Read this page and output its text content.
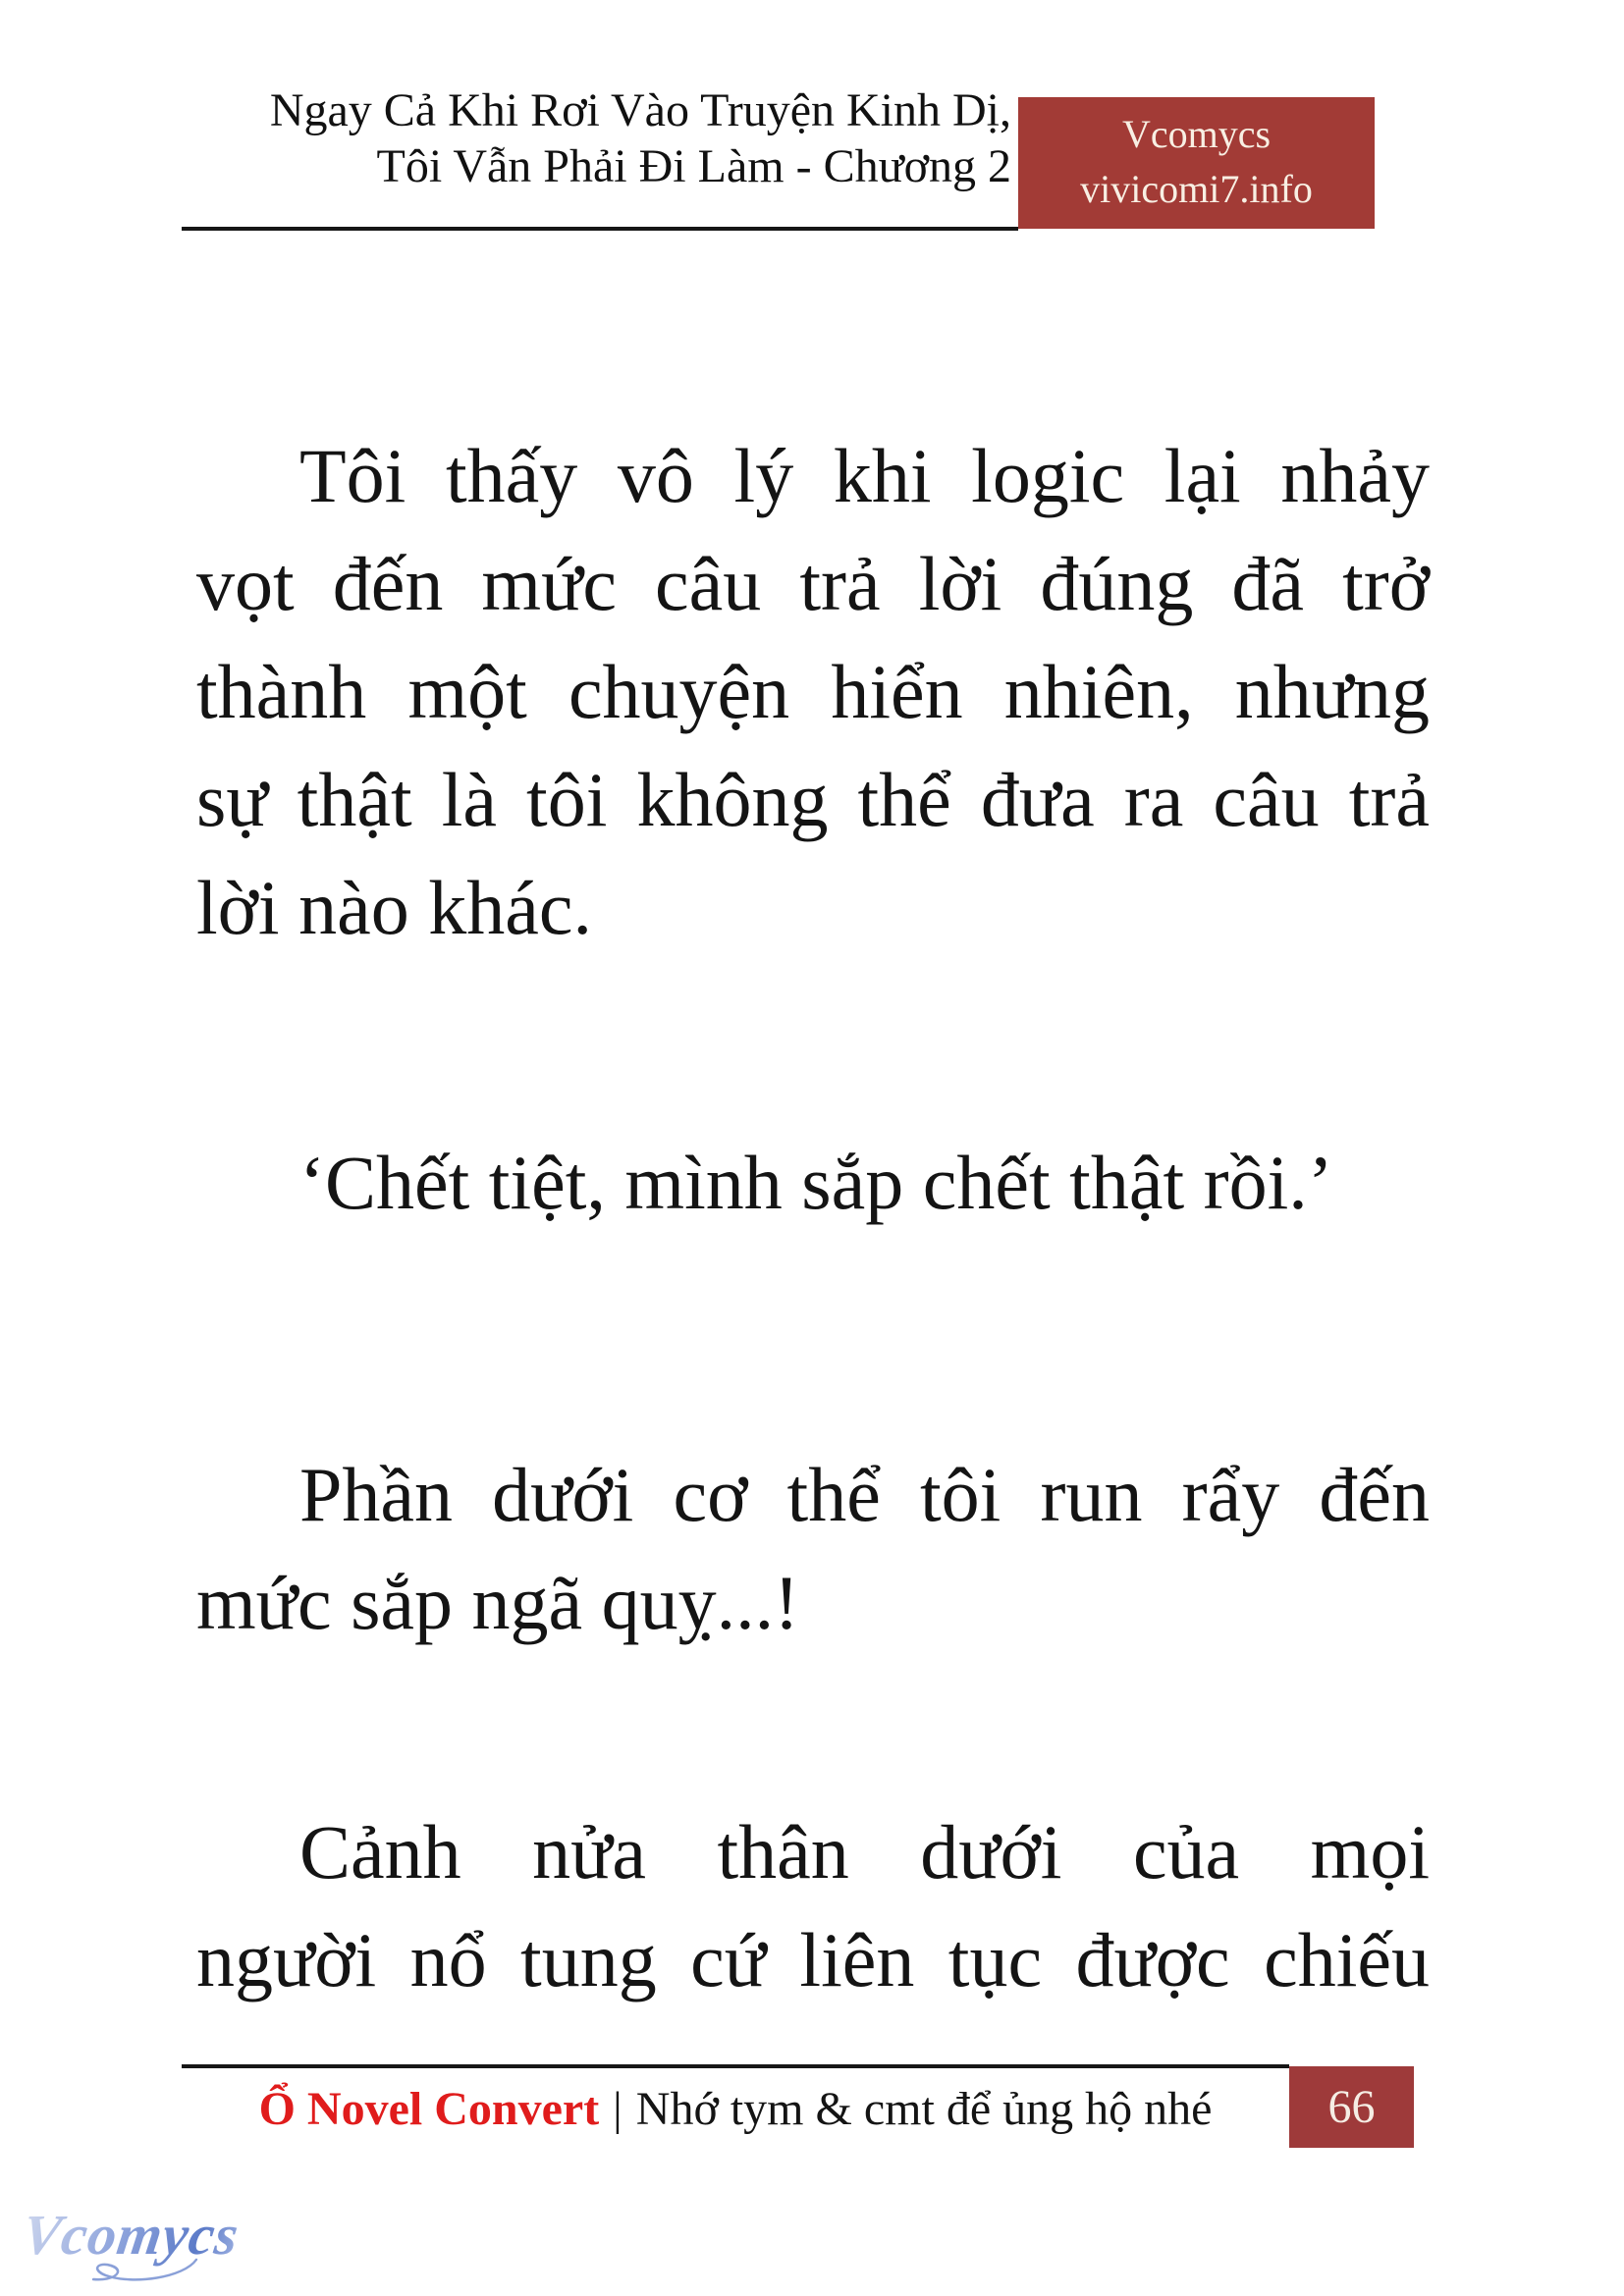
Ngay Cả Khi Rơi Vào Truyện Kinh Dị,
Tôi Vẫn Phải Đi Làm - Chương 2
Vcomycs
vivicomi7.info
Tôi thấy vô lý khi logic lại nhảy
vọt đến mức câu trả lời đúng đã trở
thành một chuyện hiển nhiên, nhưng
sự thật là tôi không thể đưa ra câu trả
lời nào khác.
‘Chết tiệt, mình sắp chết thật rồi.’
Phần dưới cơ thể tôi run rẩy đến
mức sắp ngã quỵ...!
Cảnh nửa thân dưới của mọi
người nổ tung cứ liên tục được chiếu
Ổ Novel Convert | Nhớ tym & cmt để ủng hộ nhé 66
Vcomycs
